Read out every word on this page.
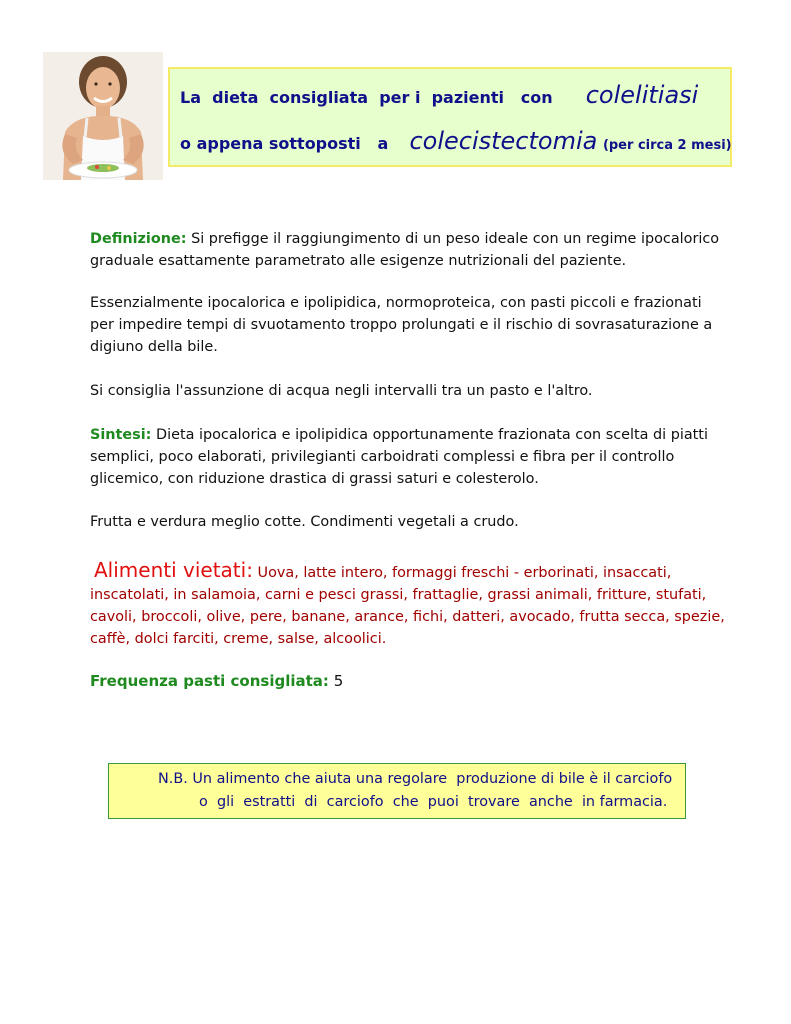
La  dieta  consigliata  per i  pazienti   con colelitiasi
o appena sottoposti   a colecistectomia (per circa 2 mesi)
Definizione: Si prefigge il raggiungimento di un peso ideale con un regime ipocalorico graduale esattamente parametrato alle esigenze nutrizionali del paziente.
Essenzialmente ipocalorica e ipolipidica, normoproteica, con pasti piccoli e frazionati per impedire tempi di svuotamento troppo prolungati e il rischio di sovrasaturazione a digiuno della bile.
Si consiglia l'assunzione di acqua negli intervalli tra un pasto e l'altro.
Sintesi: Dieta ipocalorica e ipolipidica opportunamente frazionata con scelta di piatti semplici, poco elaborati, privilegianti carboidrati complessi e fibra per il controllo glicemico, con riduzione drastica di grassi saturi e colesterolo.
Frutta e verdura meglio cotte. Condimenti vegetali a crudo.
Alimenti vietati: Uova, latte intero, formaggi freschi - erborinati, insaccati, inscatolati, in salamoia, carni e pesci grassi, frattaglie, grassi animali, fritture, stufati, cavoli, broccoli, olive, pere, banane, arance, fichi, datteri, avocado, frutta secca, spezie, caffè, dolci farciti, creme, salse, alcoolici.
Frequenza pasti consigliata: 5
N.B. Un alimento che aiuta una regolare  produzione di bile è il carciofo
o  gli  estratti  di  carciofo  che  puoi  trovare  anche  in farmacia.
